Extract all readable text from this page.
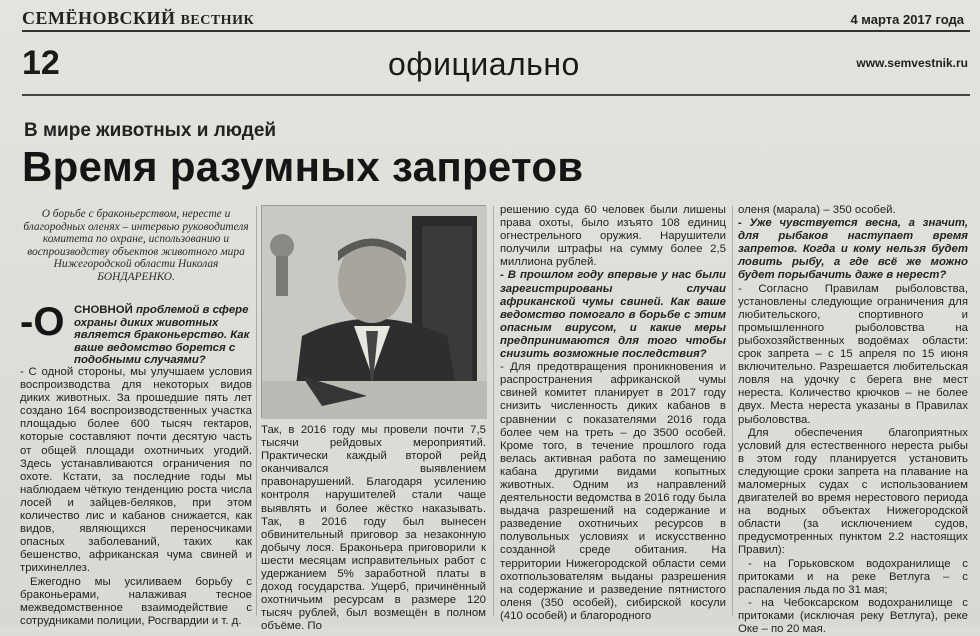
СЕМЁНОВСКИЙ ВЕСТНИК	4 марта 2017 года
12	официально	www.semvestnik.ru
В мире животных и людей
Время разумных запретов
О борьбе с браконьерством, нересте и благородных оленях – интервью руководителя комитета по охране, использованию и воспроизводству объектов животного мира Нижегородской области Николая БОНДАРЕНКО.
-О СНОВНОЙ проблемой в сфере охраны диких животных является браконьерство. Как ваше ведомство борется с подобными случаями?

- С одной стороны, мы улучшаем условия воспроизводства для некоторых видов диких животных. За прошедшие пять лет создано 164 воспроизводственных участка площадью более 600 тысяч гектаров, которые составляют почти десятую часть от общей площади охотничьих угодий. Здесь устанавливаются ограничения по охоте. Кстати, за последние годы мы наблюдаем чёткую тенденцию роста числа лосей и зайцев-беляков, при этом количество лис и кабанов снижается, как видов, являющихся переносчиками опасных заболеваний, таких как бешенство, африканская чума свиней и трихинеллез.

Ежегодно мы усиливаем борьбу с браконьерами, налаживая тесное межведомственное взаимодействие с сотрудниками полиции, Росгвардии и т. д.

Так, в 2016 году мы провели почти 7,5 тысячи рейдовых мероприятий. Практически каждый второй рейд оканчивался выявлением правонарушений. Благодаря усилению контроля нарушителей стали чаще выявлять и более жёстко наказывать. Так, в 2016 году был вынесен обвинительный приговор за незаконную добычу лося. Браконьера приговорили к шести месяцам исправительных работ с удержанием 5% заработной платы в доход государства. Ущерб, причинённый охотничьим ресурсам в размере 120 тысяч рублей, был возмещён в полном объёме. По

решению суда 60 человек были лишены права охоты, было изъято 108 единиц огнестрельного оружия. Нарушители получили штрафы на сумму более 2,5 миллиона рублей.

- В прошлом году впервые у нас были зарегистрированы случаи африканской чумы свиней. Как ваше ведомство помогало в борьбе с этим опасным вирусом, и какие меры предпринимаются для того чтобы снизить возможные последствия?

- Для предотвращения проникновения и распространения африканской чумы свиней комитет планирует в 2017 году снизить численность диких кабанов в сравнении с показателями 2016 года более чем на треть – до 3500 особей. Кроме того, в течение прошлого года велась активная работа по замещению кабана другими видами копытных животных. Одним из направлений деятельности ведомства в 2016 году была выдача разрешений на содержание и разведение охотничьих ресурсов в полувольных условиях и искусственно созданной среде обитания. На территории Нижегородской области семи охотпользователям выданы разрешения на содержание и разведение пятнистого оленя (350 особей), сибирской косули (410 особей) и благородного

оленя (марала) – 350 особей.

- Уже чувствуется весна, а значит, для рыбаков наступает время запретов. Когда и кому нельзя будет ловить рыбу, а где всё же можно будет порыбачить даже в нерест?

- Согласно Правилам рыболовства, установлены следующие ограничения для любительского, спортивного и промышленного рыболовства на рыбохозяйственных водоёмах области: срок запрета – с 15 апреля по 15 июня включительно. Разрешается любительская ловля на удочку с берега вне мест нереста. Количество крючков – не более двух. Места нереста указаны в Правилах рыболовства.

Для обеспечения благоприятных условий для естественного нереста рыбы в этом году планируется установить следующие сроки запрета на плавание на маломерных судах с использованием двигателей во время нерестового периода на водных объектах Нижегородской области (за исключением судов, предусмотренных пунктом 2.2 настоящих Правил):

- на Горьковском водохранилище с притоками и на реке Ветлуга – с распаления льда по 31 мая;

- на Чебоксарском водохранилище с притоками (исключая реку Ветлуга), реке Оке – по 20 мая.
